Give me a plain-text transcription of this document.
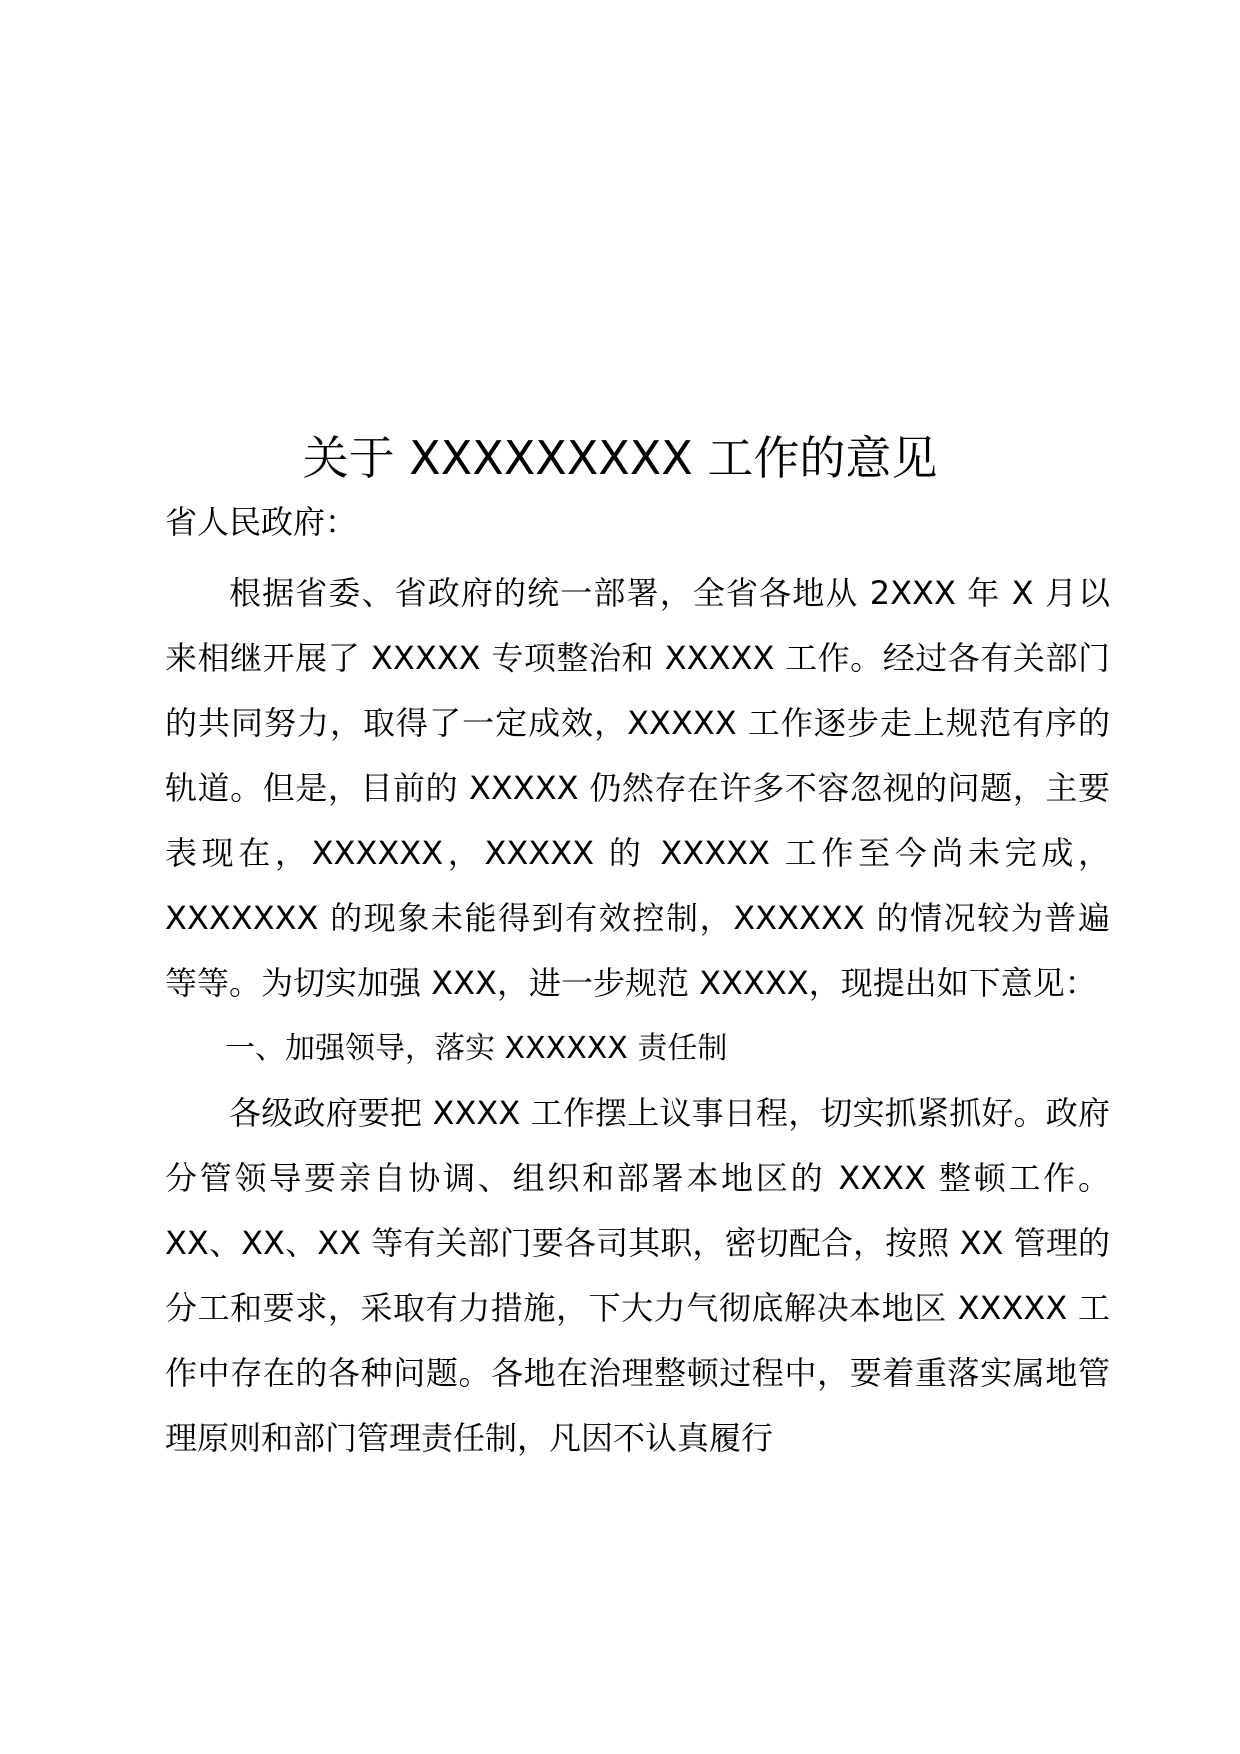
关于 XXXXXXXXX 工作的意见

省人民政府：

根据省委、省政府的统一部署，全省各地从 2XXX 年 X 月以来相继开展了 XXXXX 专项整治和 XXXXX 工作。经过各有关部门的共同努力，取得了一定成效，XXXXX 工作逐步走上规范有序的轨道。但是，目前的 XXXXX 仍然存在许多不容忽视的问题，主要表现在，XXXXXX，XXXXX 的 XXXXX 工作至今尚未完成，XXXXXXX 的现象未能得到有效控制，XXXXXX 的情况较为普遍等等。为切实加强 XXX，进一步规范 XXXXX，现提出如下意见：

一、加强领导，落实 XXXXXX 责任制

各级政府要把 XXXX 工作摆上议事日程，切实抓紧抓好。政府分管领导要亲自协调、组织和部署本地区的 XXXX 整顿工作。XX、XX、XX 等有关部门要各司其职，密切配合，按照 XX 管理的分工和要求，采取有力措施，下大力气彻底解决本地区 XXXXX 工作中存在的各种问题。各地在治理整顿过程中，要着重落实属地管理原则和部门管理责任制，凡因不认真履行
